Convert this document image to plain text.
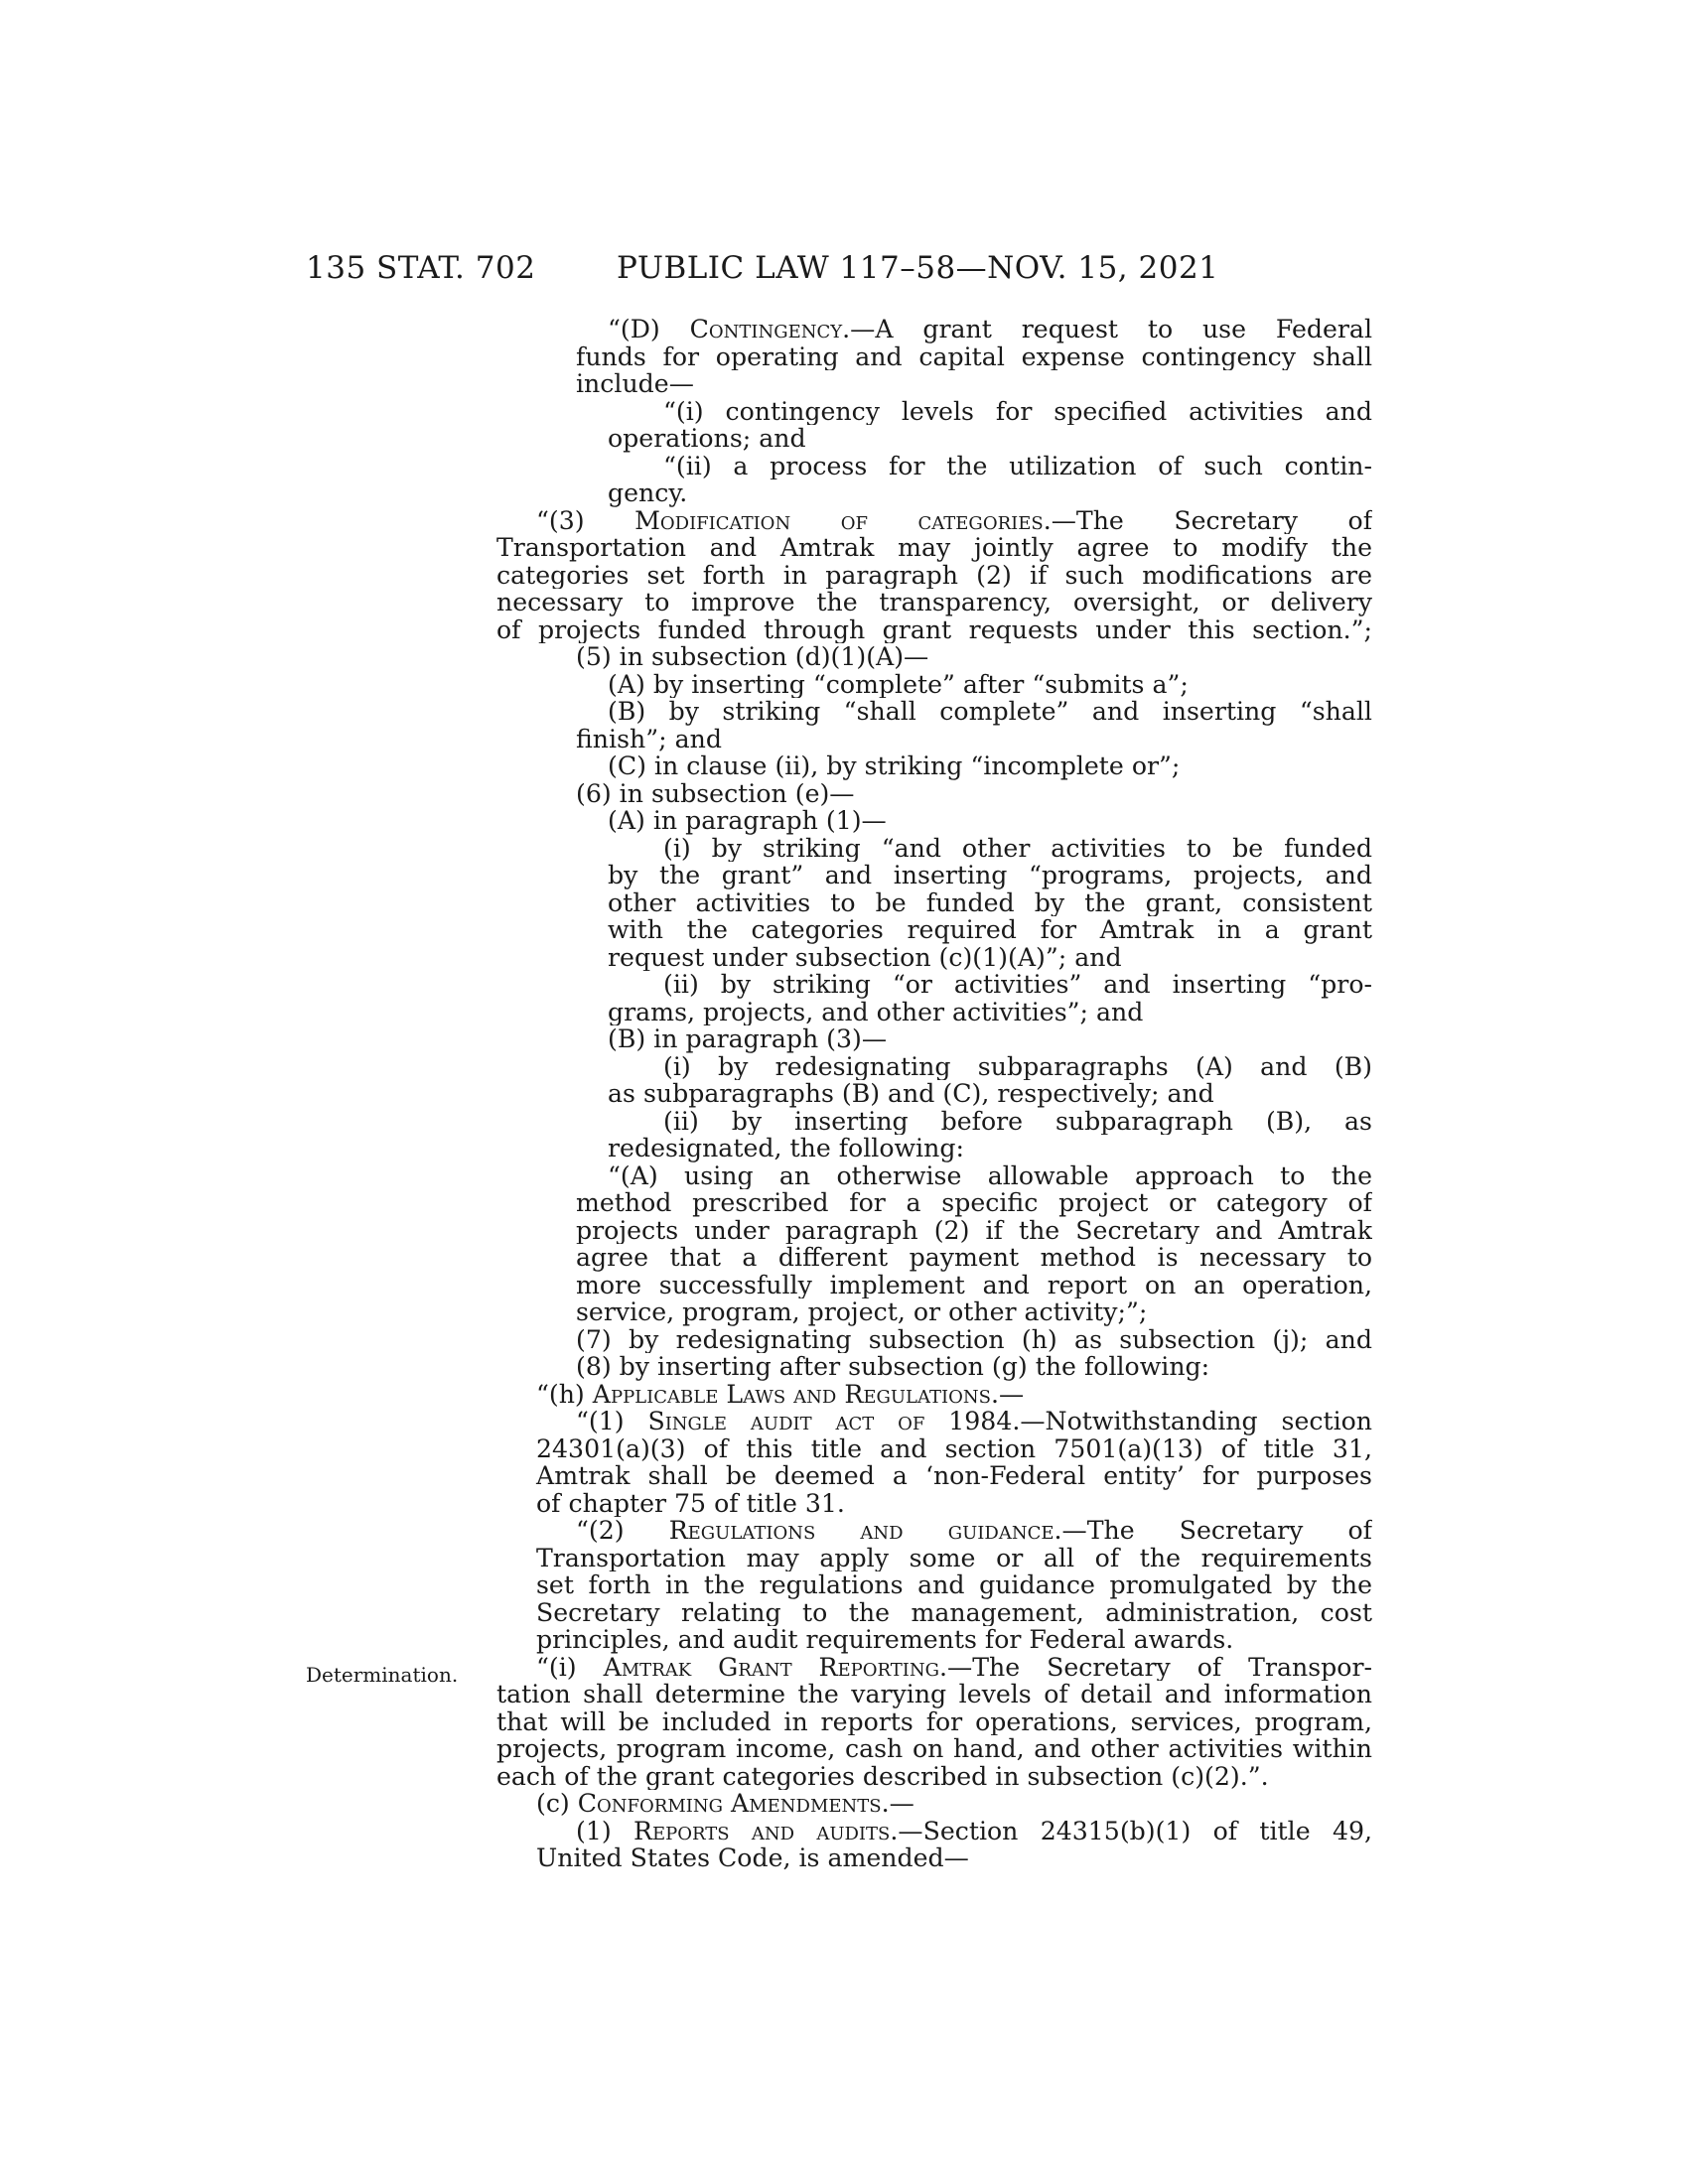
135 STAT. 702	PUBLIC LAW 117–58—NOV. 15, 2021
Determination.
“(D) Contingency.—A grant request to use Federal
funds for operating and capital expense contingency shall
include—
“(i) contingency levels for specified activities and
operations; and
“(ii) a process for the utilization of such contin-
gency.
“(3) Modification of categories.—The Secretary of
Transportation and Amtrak may jointly agree to modify the
categories set forth in paragraph (2) if such modifications are
necessary to improve the transparency, oversight, or delivery
of projects funded through grant requests under this section.”;
(5) in subsection (d)(1)(A)—
(A) by inserting “complete” after “submits a”;
(B) by striking “shall complete” and inserting “shall
finish”; and
(C) in clause (ii), by striking “incomplete or”;
(6) in subsection (e)—
(A) in paragraph (1)—
(i) by striking “and other activities to be funded
by the grant” and inserting “programs, projects, and
other activities to be funded by the grant, consistent
with the categories required for Amtrak in a grant
request under subsection (c)(1)(A)”; and
(ii) by striking “or activities” and inserting “pro-
grams, projects, and other activities”; and
(B) in paragraph (3)—
(i) by redesignating subparagraphs (A) and (B)
as subparagraphs (B) and (C), respectively; and
(ii) by inserting before subparagraph (B), as
redesignated, the following:
“(A) using an otherwise allowable approach to the
method prescribed for a specific project or category of
projects under paragraph (2) if the Secretary and Amtrak
agree that a different payment method is necessary to
more successfully implement and report on an operation,
service, program, project, or other activity;”;
(7) by redesignating subsection (h) as subsection (j); and
(8) by inserting after subsection (g) the following:
“(h) Applicable Laws and Regulations.—
“(1) Single audit act of 1984.—Notwithstanding section
24301(a)(3) of this title and section 7501(a)(13) of title 31,
Amtrak shall be deemed a ‘non-Federal entity’ for purposes
of chapter 75 of title 31.
“(2) Regulations and guidance.—The Secretary of
Transportation may apply some or all of the requirements
set forth in the regulations and guidance promulgated by the
Secretary relating to the management, administration, cost
principles, and audit requirements for Federal awards.
“(i) Amtrak Grant Reporting.—The Secretary of Transpor-
tation shall determine the varying levels of detail and information
that will be included in reports for operations, services, program,
projects, program income, cash on hand, and other activities within
each of the grant categories described in subsection (c)(2).”.
(c) Conforming Amendments.—
(1) Reports and audits.—Section 24315(b)(1) of title 49,
United States Code, is amended—
